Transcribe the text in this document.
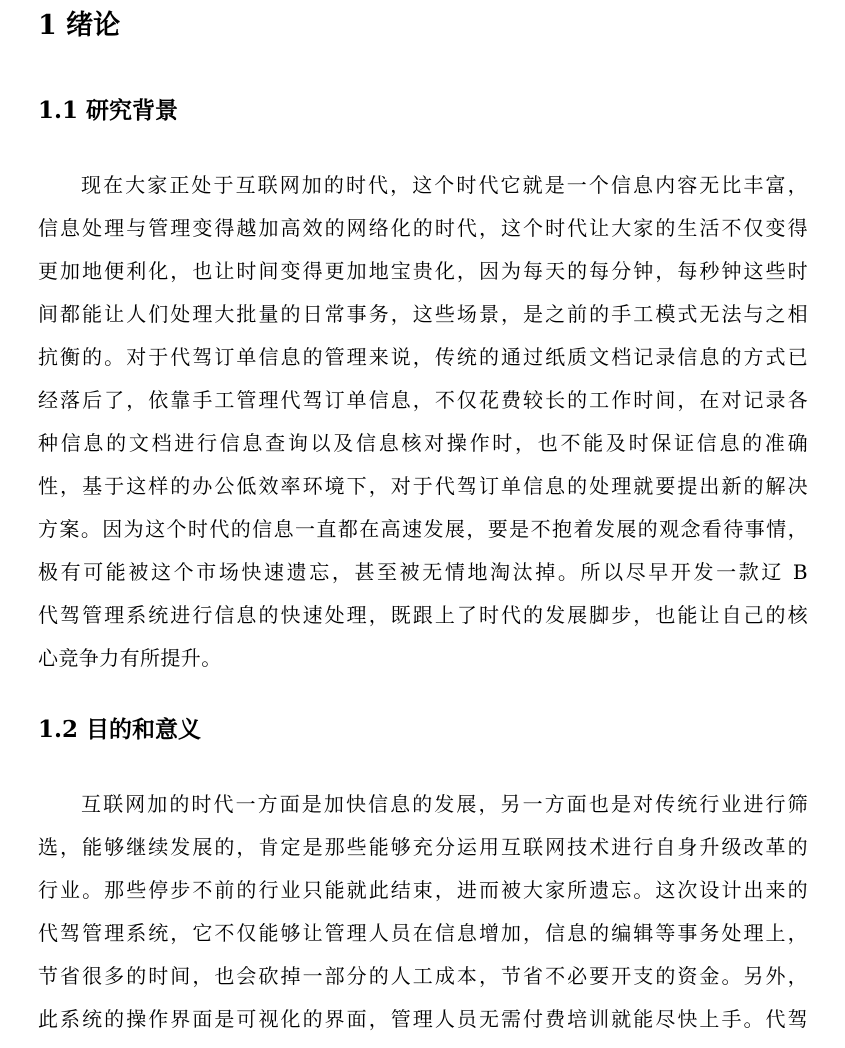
1 绪论
1.1 研究背景
现在大家正处于互联网加的时代，这个时代它就是一个信息内容无比丰富，
信息处理与管理变得越加高效的网络化的时代，这个时代让大家的生活不仅变得
更加地便利化，也让时间变得更加地宝贵化，因为每天的每分钟，每秒钟这些时
间都能让人们处理大批量的日常事务，这些场景，是之前的手工模式无法与之相
抗衡的。对于代驾订单信息的管理来说，传统的通过纸质文档记录信息的方式已
经落后了，依靠手工管理代驾订单信息，不仅花费较长的工作时间，在对记录各
种信息的文档进行信息查询以及信息核对操作时，也不能及时保证信息的准确
性，基于这样的办公低效率环境下，对于代驾订单信息的处理就要提出新的解决
方案。因为这个时代的信息一直都在高速发展，要是不抱着发展的观念看待事情，
极有可能被这个市场快速遗忘，甚至被无情地淘汰掉。所以尽早开发一款辽 B
代驾管理系统进行信息的快速处理，既跟上了时代的发展脚步，也能让自己的核
心竞争力有所提升。
1.2 目的和意义
互联网加的时代一方面是加快信息的发展，另一方面也是对传统行业进行筛
选，能够继续发展的，肯定是那些能够充分运用互联网技术进行自身升级改革的
行业。那些停步不前的行业只能就此结束，进而被大家所遗忘。这次设计出来的
代驾管理系统，它不仅能够让管理人员在信息增加，信息的编辑等事务处理上，
节省很多的时间，也会砍掉一部分的人工成本，节省不必要开支的资金。另外，
此系统的操作界面是可视化的界面，管理人员无需付费培训就能尽快上手。代驾
